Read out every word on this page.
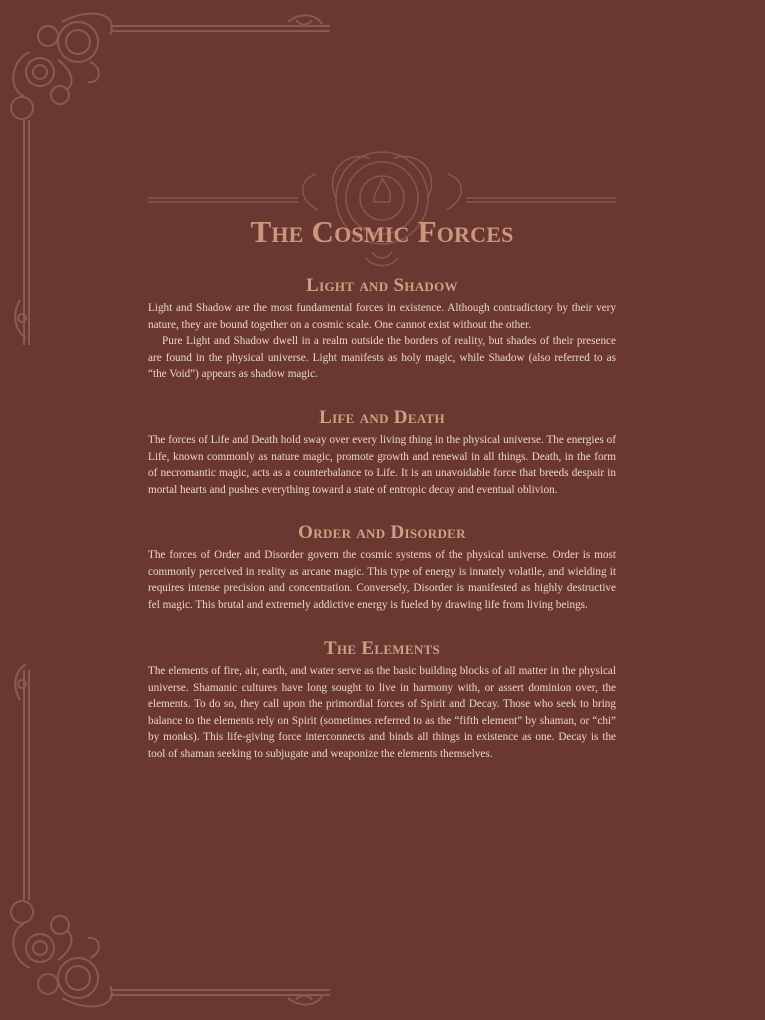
The Cosmic Forces
Light and Shadow

Light and Shadow are the most fundamental forces in existence. Although contradictory by their very nature, they are bound together on a cosmic scale. One cannot exist without the other.

Pure Light and Shadow dwell in a realm outside the borders of reality, but shades of their presence are found in the physical universe. Light manifests as holy magic, while Shadow (also referred to as “the Void”) appears as shadow magic.

Life and Death

The forces of Life and Death hold sway over every living thing in the physical universe. The energies of Life, known commonly as nature magic, promote growth and renewal in all things. Death, in the form of necromantic magic, acts as a counterbalance to Life. It is an unavoidable force that breeds despair in mortal hearts and pushes everything toward a state of entropic decay and eventual oblivion.

Order and Disorder

The forces of Order and Disorder govern the cosmic systems of the physical universe. Order is most commonly perceived in reality as arcane magic. This type of energy is innately volatile, and wielding it requires intense precision and concentration. Conversely, Disorder is manifested as highly destructive fel magic. This brutal and extremely addictive energy is fueled by drawing life from living beings.

The Elements

The elements of fire, air, earth, and water serve as the basic building blocks of all matter in the physical universe. Shamanic cultures have long sought to live in harmony with, or assert dominion over, the elements. To do so, they call upon the primordial forces of Spirit and Decay. Those who seek to bring balance to the elements rely on Spirit (sometimes referred to as the “fifth element” by shaman, or “chi” by monks). This life-giving force interconnects and binds all things in existence as one. Decay is the tool of shaman seeking to subjugate and weaponize the elements themselves.
